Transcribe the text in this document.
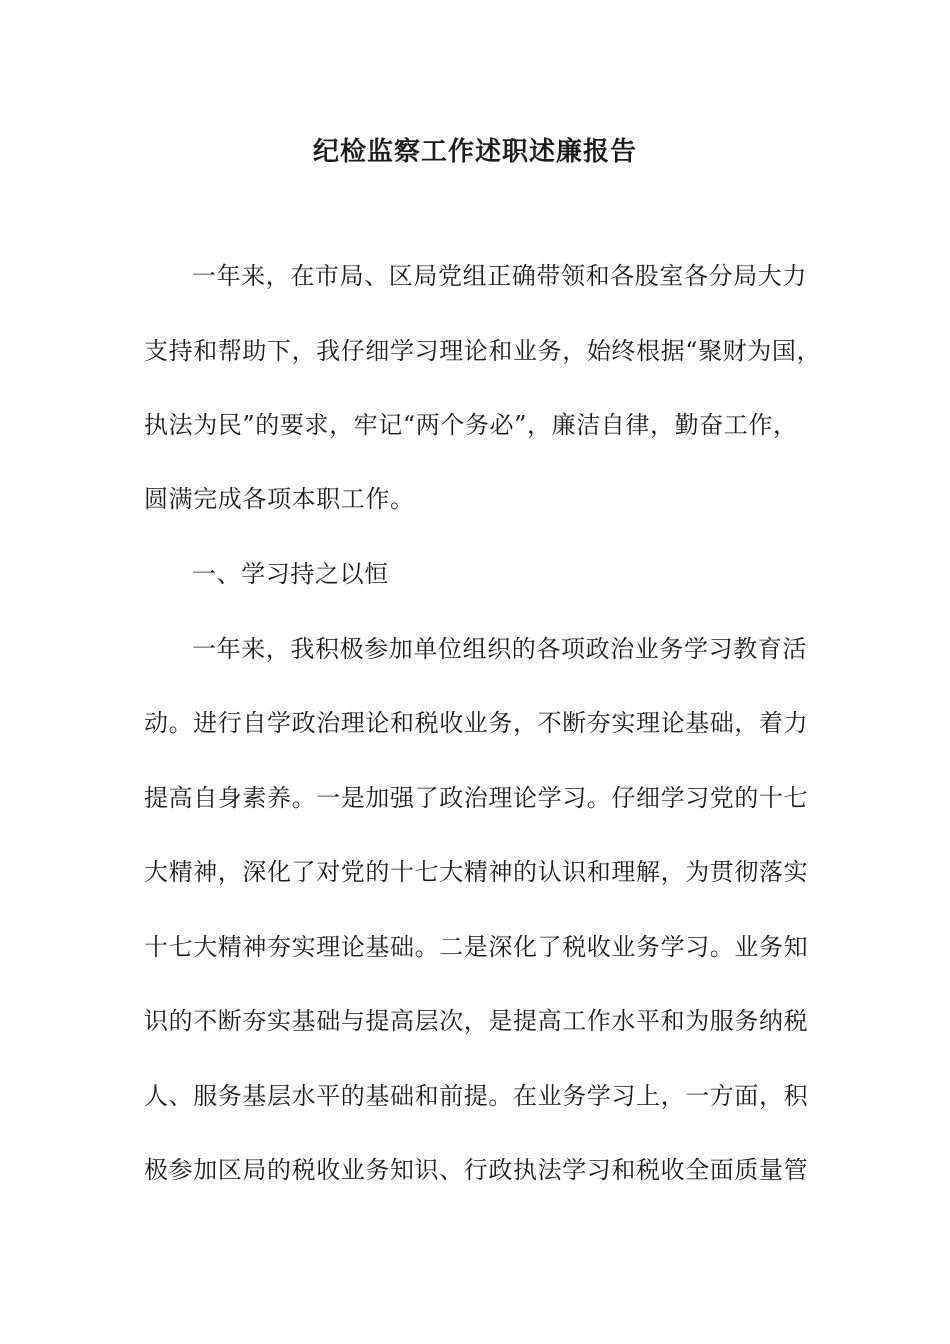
纪检监察工作述职述廉报告
一年来，在市局、区局党组正确带领和各股室各分局大力
支持和帮助下，我仔细学习理论和业务，始终根据“聚财为国，
执法为民”的要求，牢记“两个务必”，廉洁自律，勤奋工作，
圆满完成各项本职工作。
一、学习持之以恒
一年来，我积极参加单位组织的各项政治业务学习教育活
动。进行自学政治理论和税收业务，不断夯实理论基础，着力
提高自身素养。一是加强了政治理论学习。仔细学习党的十七
大精神，深化了对党的十七大精神的认识和理解，为贯彻落实
十七大精神夯实理论基础。二是深化了税收业务学习。业务知
识的不断夯实基础与提高层次，是提高工作水平和为服务纳税
人、服务基层水平的基础和前提。在业务学习上，一方面，积
极参加区局的税收业务知识、行政执法学习和税收全面质量管
